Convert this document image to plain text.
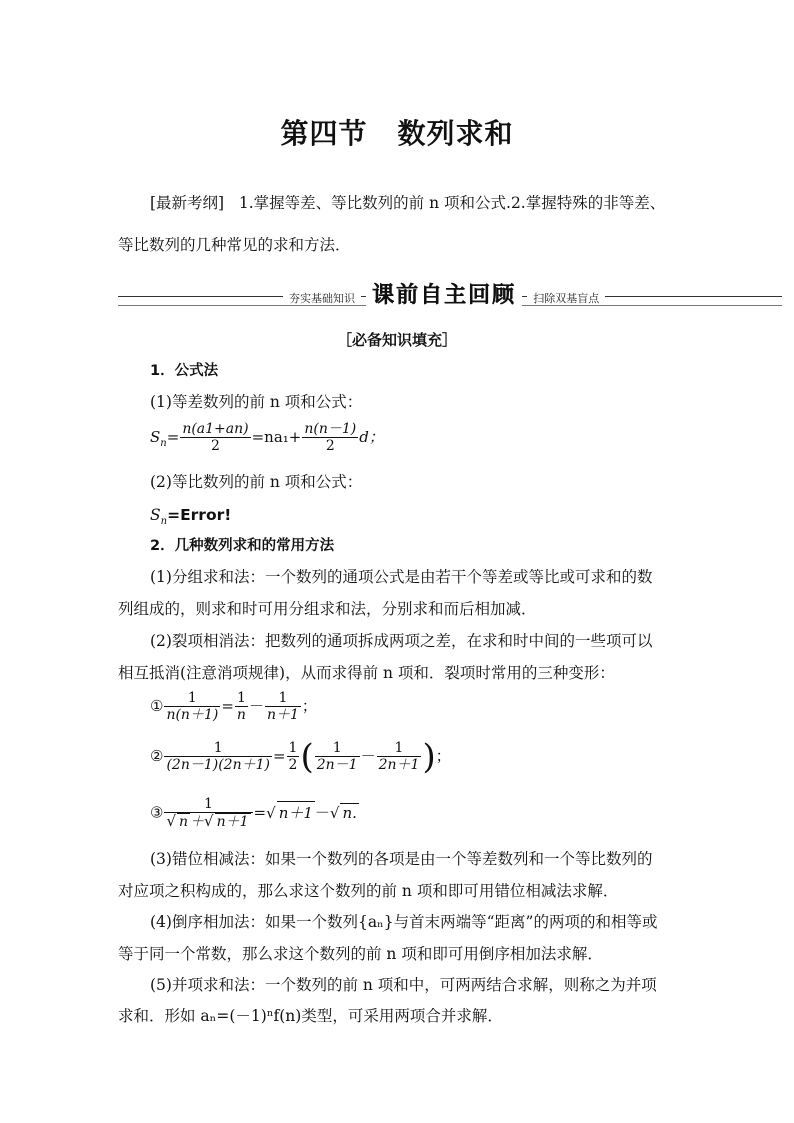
第四节 数列求和
[最新考纲] 1.掌握等差、等比数列的前 n 项和公式.2.掌握特殊的非等差、
等比数列的几种常见的求和方法．
夯实基础知识 课前自主回顾 扫除双基盲点
［必备知识填充］
1．公式法
(1)等差数列的前 n 项和公式：
$S_n= \frac{n(a1+an)}{2} =na_1+ \frac{n(n-1)}{2}$ d；
(2)等比数列的前 n 项和公式：
$S_n=Error$!
2．几种数列求和的常用方法
(1)分组求和法：一个数列的通项公式是由若干个等差或等比或可求和的数
列组成的，则求和时可用分组求和法，分别求和而后相加减．
(2)裂项相消法：把数列的通项拆成两项之差，在求和时中间的一些项可以
相互抵消(注意消项规律)，从而求得前 n 项和．裂项时常用的三种变形：
① $\frac{1}{n(n+1)} = \frac{1}{n} - \frac{1}{n+1}$ ；
② $\frac{1}{(2n-1)(2n+1)} = \frac{1}{2}$ ( $\frac{1}{2n-1} - \frac{1}{2n+1}$ )；
③ $\frac{1}{√ n +√ n+1}$ =√ n＋1 －√ n.
(3)错位相减法：如果一个数列的各项是由一个等差数列和一个等比数列的
对应项之积构成的，那么求这个数列的前 n 项和即可用错位相减法求解．
(4)倒序相加法：如果一个数列{aₙ}与首末两端等“距离”的两项的和相等或
等于同一个常数，那么求这个数列的前 n 项和即可用倒序相加法求解．
(5)并项求和法：一个数列的前 n 项和中，可两两结合求解，则称之为并项
求和．形如 aₙ=(－1)ⁿf(n)类型，可采用两项合并求解．
